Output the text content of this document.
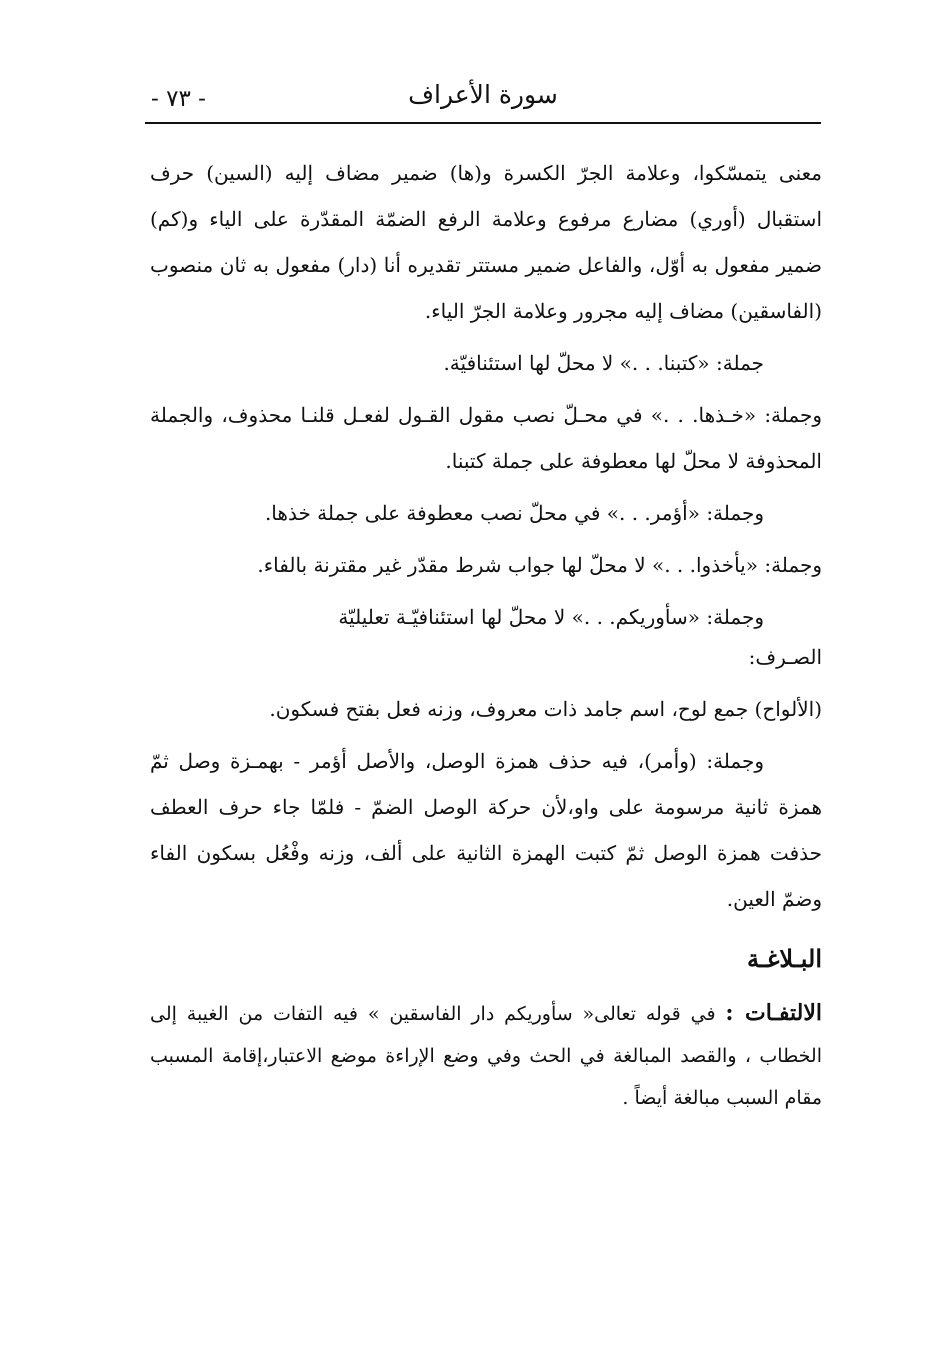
سورة الأعراف
- ٧٣ -

معنى يتمسّكوا، وعلامة الجرّ الكسرة و(ها) ضمير مضاف إليه (السين) حرف استقبال (أوري) مضارع مرفوع وعلامة الرفع الضمّة المقدّرة على الياء و(كم) ضمير مفعول به أوّل، والفاعل ضمير مستتر تقديره أنا (دار) مفعول به ثان منصوب (الفاسقين) مضاف إليه مجرور وعلامة الجرّ الياء.

جملة: «كتبنا. . .» لا محلّ لها استئنافيّة.

وجملة: «خـذها. . .» في محـلّ نصب مقول القـول لفعـل قلنـا محذوف، والجملة المحذوفة لا محلّ لها معطوفة على جملة كتبنا.

وجملة: «أؤمر. . .» في محلّ نصب معطوفة على جملة خذها.

وجملة: «يأخذوا. . .» لا محلّ لها جواب شرط مقدّر غير مقترنة بالفاء.

وجملة: «سأوريكم. . .» لا محلّ لها استئنافيّـة تعليليّة

الصـرف:

(الألواح) جمع لوح، اسم جامد ذات معروف، وزنه فعل بفتح فسكون.

وجملة: (وأمر)، فيه حذف همزة الوصل، والأصل أؤمر - بهمـزة وصل ثمّ همزة ثانية مرسومة على واو،لأن حركة الوصل الضمّ - فلمّا جاء حرف العطف حذفت همزة الوصل ثمّ كتبت الهمزة الثانية على ألف، وزنه وفْعُل بسكون الفاء وضمّ العين.

البـلاغـة

الالتفـات : في قوله تعالى« سأوريكم دار الفاسقين » فيه التفات من الغيبة إلى الخطاب ، والقصد المبالغة في الحث وفي وضع الإراءة موضع الاعتبار،إقامة المسبب مقام السبب مبالغة أيضاً .
